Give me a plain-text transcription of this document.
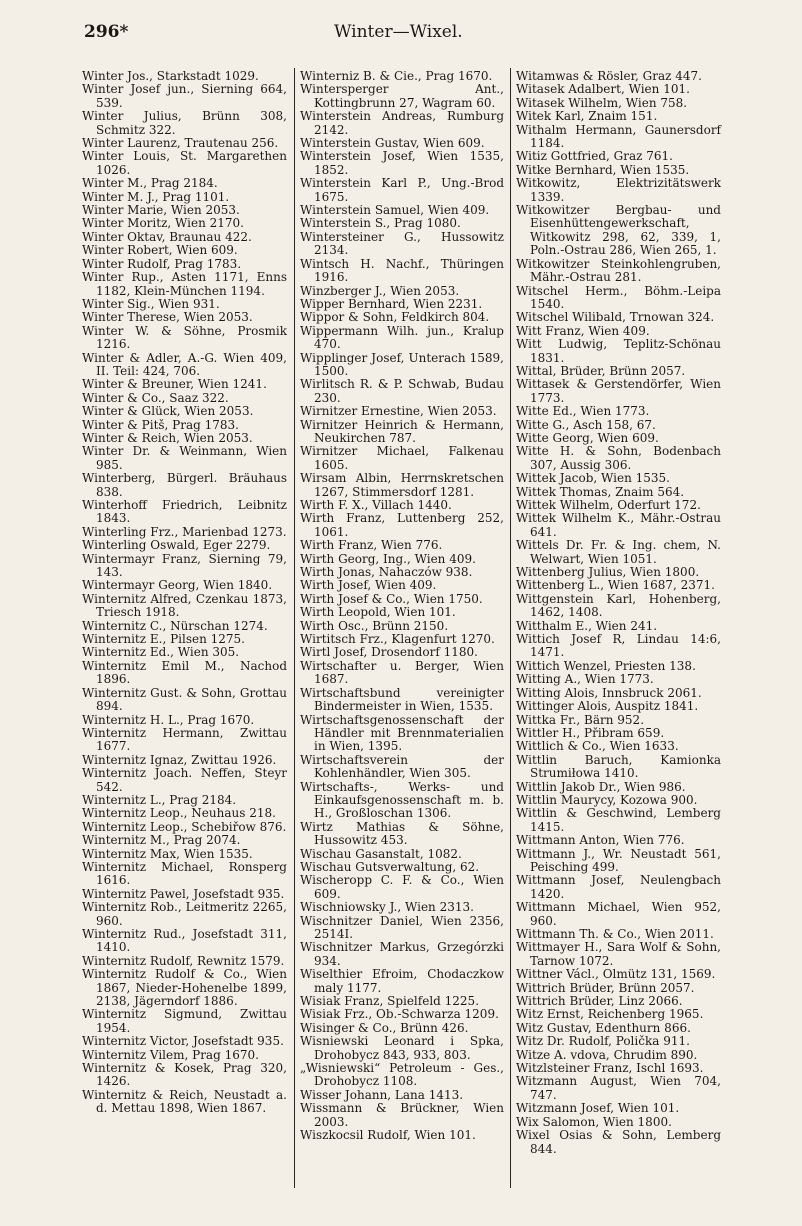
296*	Winter—Wixel.
Winter Jos., Starkstadt 1029.
Winter Josef jun., Sierning 664, 539.
Winter Julius, Brünn 308, Schmitz 322.
Winter Laurenz, Trautenau 256.
Winter Louis, St. Margarethen 1026.
Winter M., Prag 2184.
Winter M. J., Prag 1101.
Winter Marie, Wien 2053.
Winter Moritz, Wien 2170.
Winter Oktav, Braunau 422.
Winter Robert, Wien 609.
Winter Rudolf, Prag 1783.
Winter Rup., Asten 1171, Enns 1182, Klein-München 1194.
Winter Sig., Wien 931.
Winter Therese, Wien 2053.
Winter W. & Söhne, Prosmik 1216.
Winter & Adler, A.-G. Wien 409, II. Teil: 424, 706.
Winter & Breuner, Wien 1241.
Winter & Co., Saaz 322.
Winter & Glück, Wien 2053.
Winter & Pitš, Prag 1783.
Winter & Reich, Wien 2053.
Winter Dr. & Weinmann, Wien 985.
Winterberg, Bürgerl. Bräuhaus 838.
Winterhoff Friedrich, Leibnitz 1843.
Winterling Frz., Marienbad 1273.
Winterling Oswald, Eger 2279.
Wintermayr Franz, Sierning 79, 143.
Wintermayr Georg, Wien 1840.
Winternitz Alfred, Czenkau 1873, Triesch 1918.
Winternitz C., Nürschan 1274.
Winternitz E., Pilsen 1275.
Winternitz Ed., Wien 305.
Winternitz Emil M., Nachod 1896.
Winternitz Gust. & Sohn, Grottau 894.
Winternitz H. L., Prag 1670.
Winternitz Hermann, Zwittau 1677.
Winternitz Ignaz, Zwittau 1926.
Winternitz Joach. Neffen, Steyr 542.
Winternitz L., Prag 2184.
Winternitz Leop., Neuhaus 218.
Winternitz Leop., Schebiřow 876.
Winternitz M., Prag 2074.
Winternitz Max, Wien 1535.
Winternitz Michael, Ronsperg 1616.
Winternitz Pawel, Josefstadt 935.
Winternitz Rob., Leitmeritz 2265, 960.
Winternitz Rud., Josefstadt 311, 1410.
Winternitz Rudolf, Rewnitz 1579.
Winternitz Rudolf & Co., Wien 1867, Nieder-Hohenelbe 1899, 2138, Jägerndorf 1886.
Winternitz Sigmund, Zwittau 1954.
Winternitz Victor, Josefstadt 935.
Winternitz Vilem, Prag 1670.
Winternitz & Kosek, Prag 320, 1426.
Winternitz & Reich, Neustadt a. d. Mettau 1898, Wien 1867.
Winterniz B. & Cie., Prag 1670.
Wintersperger Ant., Kottingbrunn 27, Wagram 60.
Winterstein Andreas, Rumburg 2142.
Winterstein Gustav, Wien 609.
Winterstein Josef, Wien 1535, 1852.
Winterstein Karl P., Ung.-Brod 1675.
Winterstein Samuel, Wien 409.
Winterstein S., Prag 1080.
Wintersteiner G., Hussowitz 2134.
Wintsch H. Nachf., Thüringen 1916.
Winzberger J., Wien 2053.
Wipper Bernhard, Wien 2231.
Wippor & Sohn, Feldkirch 804.
Wippermann Wilh. jun., Kralup 470.
Wipplinger Josef, Unterach 1589, 1500.
Wirlitsch R. & P. Schwab, Budau 230.
Wirnitzer Ernestine, Wien 2053.
Wirnitzer Heinrich & Hermann, Neukirchen 787.
Wirnitzer Michael, Falkenau 1605.
Wirsam Albin, Herrnskretschen 1267, Stimmersdorf 1281.
Wirth F. X., Villach 1440.
Wirth Franz, Luttenberg 252, 1061.
Wirth Franz, Wien 776.
Wirth Georg, Ing., Wien 409.
Wirth Jonas, Nahaczów 938.
Wirth Josef, Wien 409.
Wirth Josef & Co., Wien 1750.
Wirth Leopold, Wien 101.
Wirth Osc., Brünn 2150.
Wirtitsch Frz., Klagenfurt 1270.
Wirtl Josef, Drosendorf 1180.
Wirtschafter u. Berger, Wien 1687.
Wirtschaftsbund vereinigter Bindermeister in Wien, 1535.
Wirtschaftsgenossenschaft der Händler mit Brennmaterialien in Wien, 1395.
Wirtschaftsverein der Kohlenhändler, Wien 305.
Wirtschafts-, Werks- und Einkaufsgenossenschaft m. b. H., Großloschan 1306.
Wirtz Mathias & Söhne, Hussowitz 453.
Wischau Gasanstalt, 1082.
Wischau Gutsverwaltung, 62.
Wischeropp C. F. & Co., Wien 609.
Wischniowsky J., Wien 2313.
Wischnitzer Daniel, Wien 2356, 2514I.
Wischnitzer Markus, Grzegórzki 934.
Wiselthier Efroim, Chodaczkow maly 1177.
Wisiak Franz, Spielfeld 1225.
Wisiak Frz., Ob.-Schwarza 1209.
Wisinger & Co., Brünn 426.
Wisniewski Leonard i Spka, Drohobycz 843, 933, 803.
„Wisniewski“ Petroleum - Ges., Drohobycz 1108.
Wisser Johann, Lana 1413.
Wissmann & Brückner, Wien 2003.
Wiszkocsil Rudolf, Wien 101.
Witamwas & Rösler, Graz 447.
Witasek Adalbert, Wien 101.
Witasek Wilhelm, Wien 758.
Witek Karl, Znaim 151.
Withalm Hermann, Gaunersdorf 1184.
Witiz Gottfried, Graz 761.
Witke Bernhard, Wien 1535.
Witkowitz, Elektrizitätswerk 1339.
Witkowitzer Bergbau- und Eisenhüttengewerkschaft, Witkowitz 298, 62, 339, 1, Poln.-Ostrau 286, Wien 265, 1.
Witkowitzer Steinkohlengruben, Mähr.-Ostrau 281.
Witschel Herm., Böhm.-Leipa 1540.
Witschel Wilibald, Trnowan 324.
Witt Franz, Wien 409.
Witt Ludwig, Teplitz-Schönau 1831.
Wittal, Brüder, Brünn 2057.
Wittasek & Gerstendörfer, Wien 1773.
Witte Ed., Wien 1773.
Witte G., Asch 158, 67.
Witte Georg, Wien 609.
Witte H. & Sohn, Bodenbach 307, Aussig 306.
Wittek Jacob, Wien 1535.
Wittek Thomas, Znaim 564.
Wittek Wilhelm, Oderfurt 172.
Wittek Wilhelm K., Mähr.-Ostrau 641.
Wittels Dr. Fr. & Ing. chem, N. Welwart, Wien 1051.
Wittenberg Julius, Wien 1800.
Wittenberg L., Wien 1687, 2371.
Wittgenstein Karl, Hohenberg, 1462, 1408.
Witthalm E., Wien 241.
Wittich Josef R, Lindau 14:6, 1471.
Wittich Wenzel, Priesten 138.
Witting A., Wien 1773.
Witting Alois, Innsbruck 2061.
Wittinger Alois, Auspitz 1841.
Wittka Fr., Bärn 952.
Wittler H., Přibram 659.
Wittlich & Co., Wien 1633.
Wittlin Baruch, Kamionka Strumiłowa 1410.
Wittlin Jakob Dr., Wien 986.
Wittlin Maurycy, Kozowa 900.
Wittlin & Geschwind, Lemberg 1415.
Wittmann Anton, Wien 776.
Wittmann J., Wr. Neustadt 561, Peisching 499.
Wittmann Josef, Neulengbach 1420.
Wittmann Michael, Wien 952, 960.
Wittmann Th. & Co., Wien 2011.
Wittmayer H., Sara Wolf & Sohn, Tarnow 1072.
Wittner Václ., Olmütz 131, 1569.
Wittrich Brüder, Brünn 2057.
Wittrich Brüder, Linz 2066.
Witz Ernst, Reichenberg 1965.
Witz Gustav, Edenthurn 866.
Witz Dr. Rudolf, Polička 911.
Witze A. vdova, Chrudim 890.
Witzlsteiner Franz, Ischl 1693.
Witzmann August, Wien 704, 747.
Witzmann Josef, Wien 101.
Wix Salomon, Wien 1800.
Wixel Osias & Sohn, Lemberg 844.
